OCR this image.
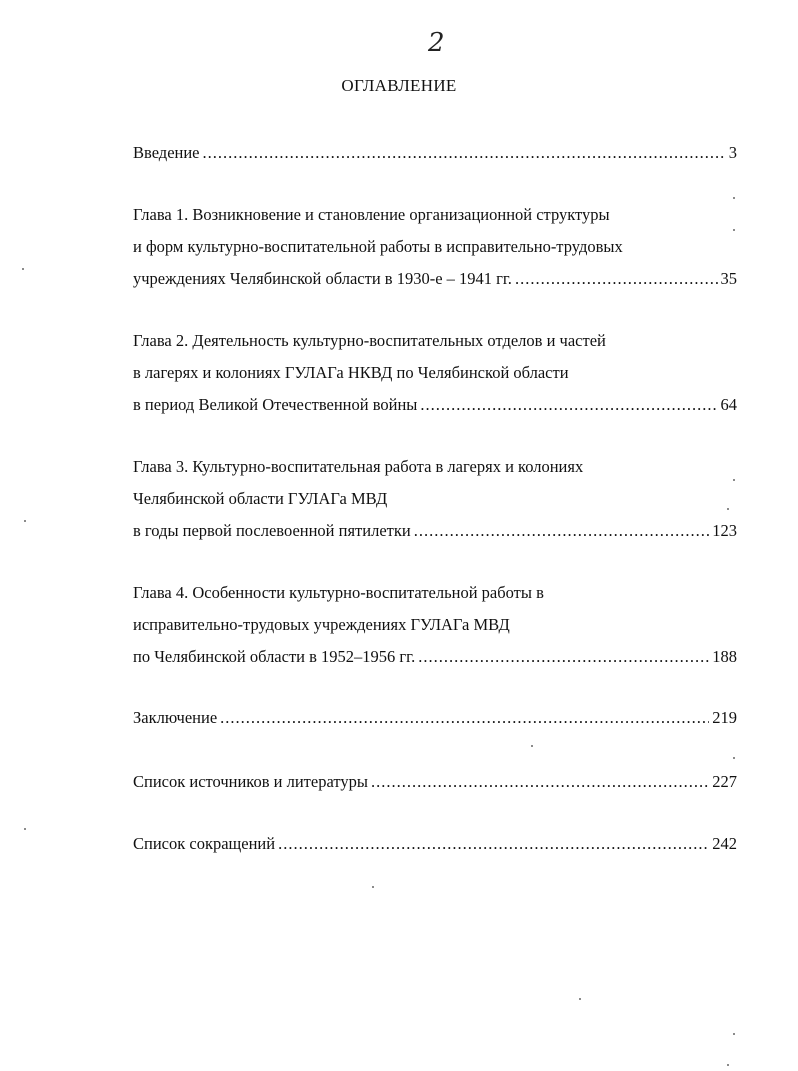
2
ОГЛАВЛЕНИЕ
Введение .....	3
Глава 1. Возникновение и становление организационной структуры
и форм культурно-воспитательной работы в исправительно-трудовых
учреждениях Челябинской области в 1930-е – 1941 гг. .....	35
Глава 2. Деятельность культурно-воспитательных отделов и частей
в лагерях и колониях ГУЛАГа НКВД по Челябинской области
в период Великой Отечественной войны .....	64
Глава 3. Культурно-воспитательная работа в лагерях и колониях
Челябинской области ГУЛАГа МВД
в годы первой послевоенной пятилетки .....	123
Глава 4. Особенности культурно-воспитательной работы в
исправительно-трудовых учреждениях ГУЛАГа МВД
по Челябинской области в 1952–1956 гг. .....	188
Заключение .....	219
Список источников и литературы .....	227
Список сокращений .....	242
